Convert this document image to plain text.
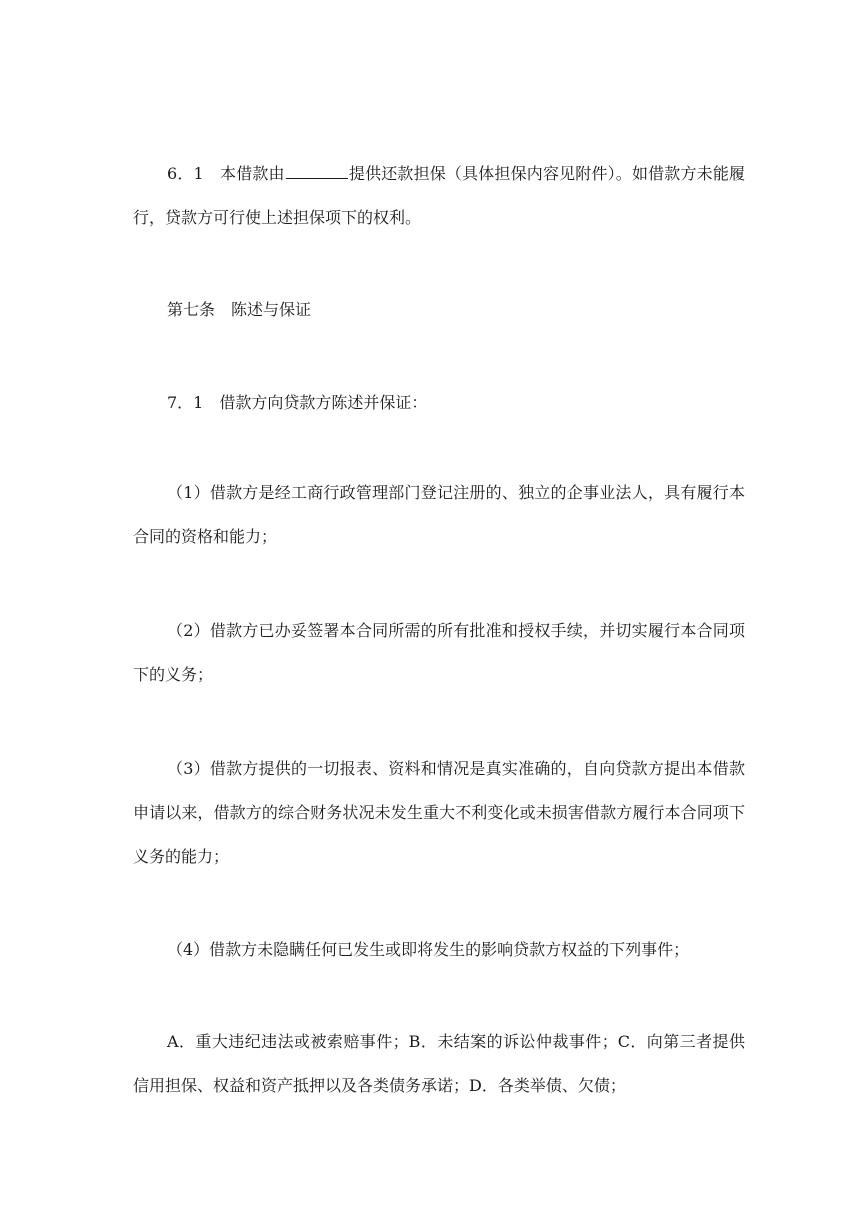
6．1　本借款由	提供还款担保（具体担保内容见附件）。如借款方未能履行，贷款方可行使上述担保项下的权利。
第七条　陈述与保证
7．1　借款方向贷款方陈述并保证：
（1）借款方是经工商行政管理部门登记注册的、独立的企事业法人，具有履行本合同的资格和能力；
（2）借款方已办妥签署本合同所需的所有批准和授权手续，并切实履行本合同项下的义务；
（3）借款方提供的一切报表、资料和情况是真实准确的，自向贷款方提出本借款申请以来，借款方的综合财务状况未发生重大不利变化或未损害借款方履行本合同项下义务的能力；
（4）借款方未隐瞒任何已发生或即将发生的影响贷款方权益的下列事件；
A．重大违纪违法或被索赔事件；B．未结案的诉讼仲裁事件；C．向第三者提供信用担保、权益和资产抵押以及各类债务承诺；D．各类举债、欠债；
